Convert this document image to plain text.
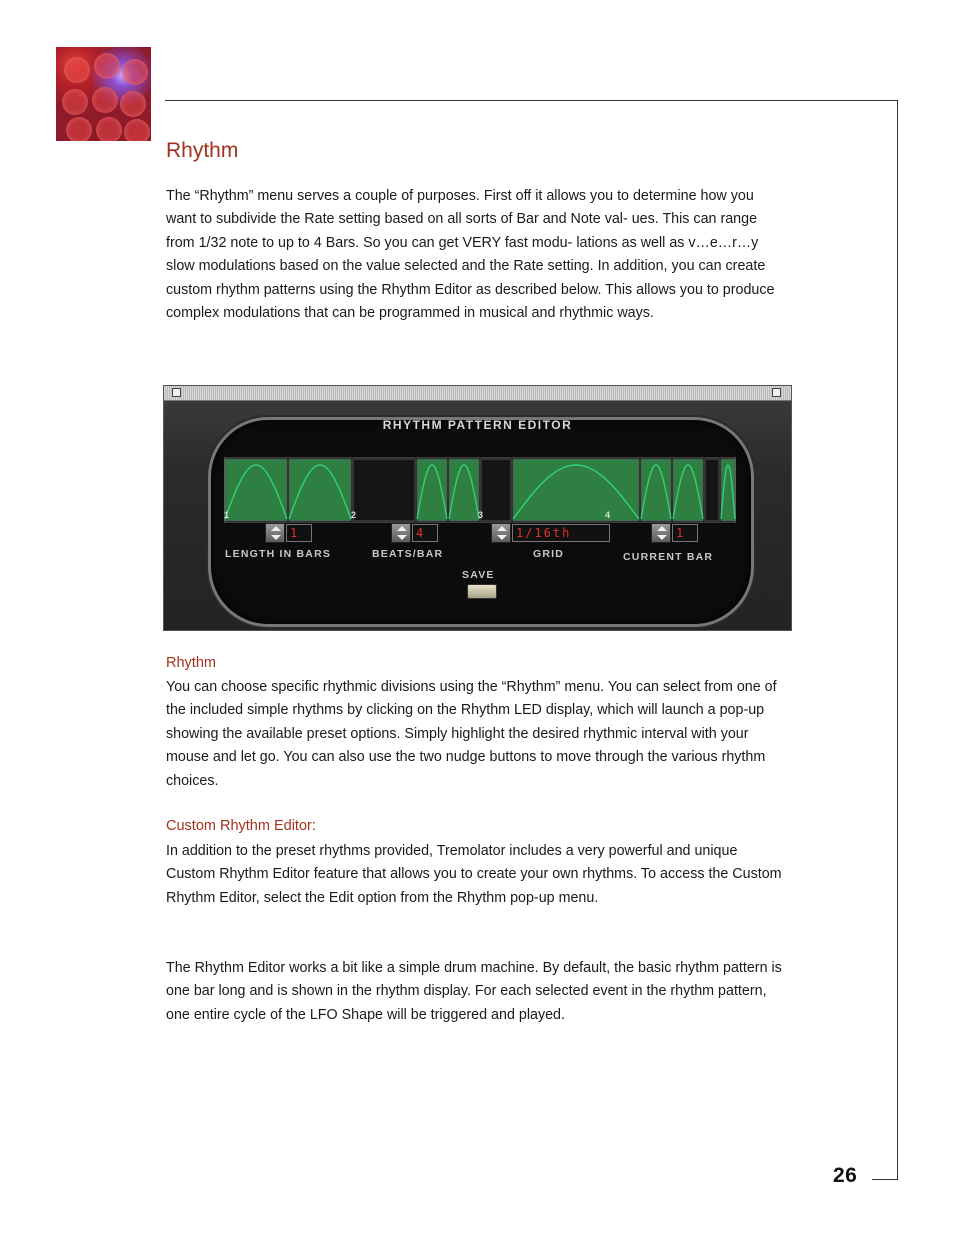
26
Rhythm

The “Rhythm” menu serves a couple of purposes. First off it allows you to determine how you want to subdivide the Rate setting based on all sorts of Bar and Note val- ues. This can range from 1/32 note to up to 4 Bars. So you can get VERY fast modu- lations as well as v…e…r…y slow modulations based on the value selected and the Rate setting. In addition, you can create custom rhythm patterns using the Rhythm Editor as described below. This allows you to produce complex modulations that can be programmed in musical and rhythmic ways.

RHYTHM PATTERN EDITOR
1	2	3	4
1
LENGTH IN BARS
4
BEATS/BAR
1/16th
GRID
1
CURRENT BAR
SAVE
Rhythm

You can choose specific rhythmic divisions using the “Rhythm” menu. You can select from one of the included simple rhythms by clicking on the Rhythm LED display, which will launch a pop-up showing the available preset options. Simply highlight the desired rhythmic interval with your mouse and let go. You can also use the two nudge buttons to move through the various rhythm choices.

Custom Rhythm Editor:

In addition to the preset rhythms provided, Tremolator includes a very powerful and unique Custom Rhythm Editor feature that allows you to create your own rhythms. To access the Custom Rhythm Editor, select the Edit option from the Rhythm pop-up menu.

The Rhythm Editor works a bit like a simple drum machine. By default, the basic rhythm pattern is one bar long and is shown in the rhythm display. For each selected event in the rhythm pattern, one entire cycle of the LFO Shape will be triggered and played.
